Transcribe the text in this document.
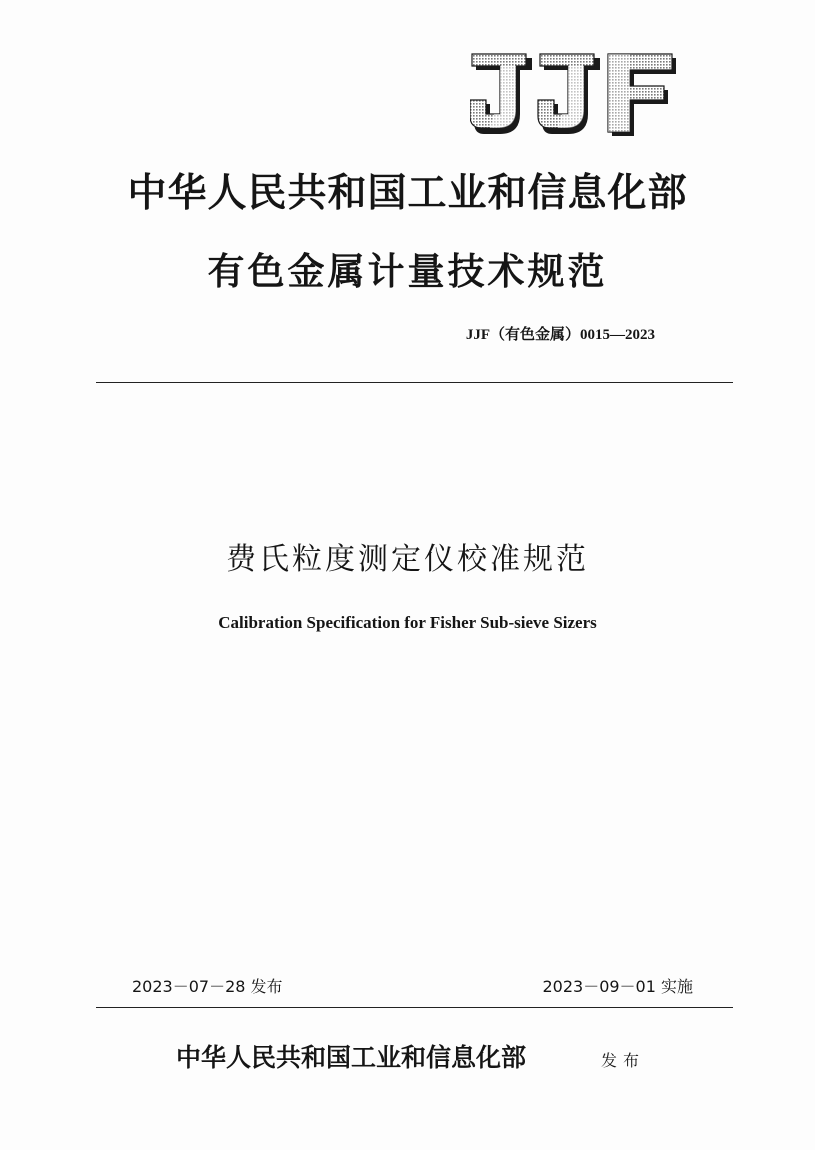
中华人民共和国工业和信息化部
有色金属计量技术规范
JJF（有色金属）0015—2023
费氏粒度测定仪校准规范
Calibration Specification for Fisher Sub-sieve Sizers
2023－07－28 发布	2023－09－01 实施
中华人民共和国工业和信息化部	发布
